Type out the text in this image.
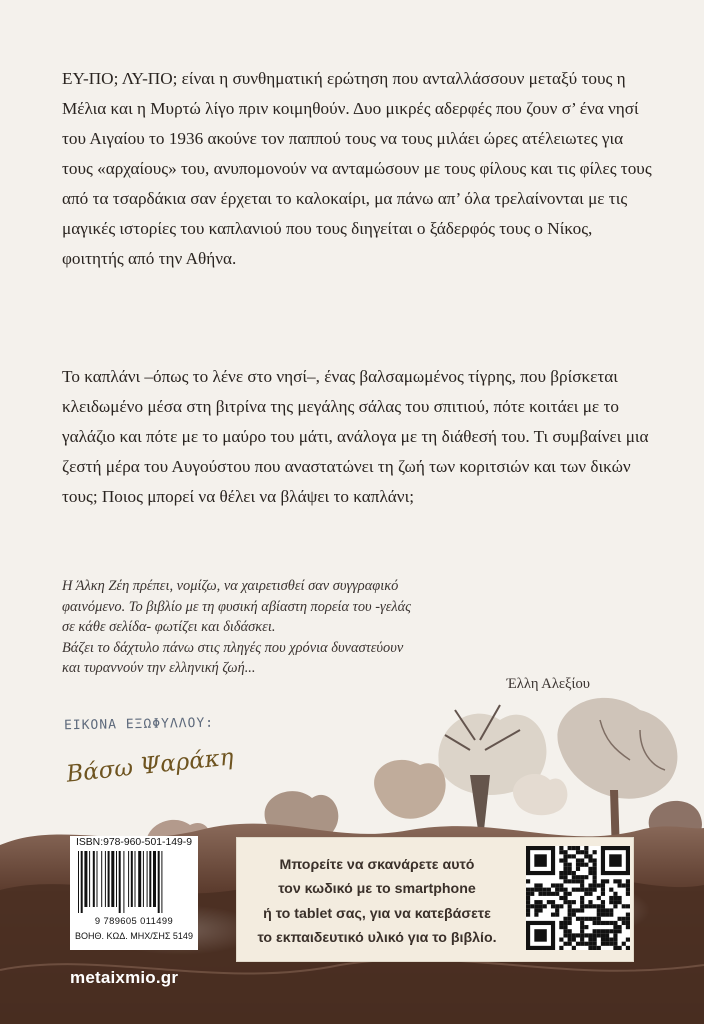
ΕΥ-ΠΟ; ΛΥ-ΠΟ; είναι η συνθηματική ερώτηση που ανταλλάσσουν μεταξύ τους η Μέλια και η Μυρτώ λίγο πριν κοιμηθούν. Δυο μικρές αδερφές που ζουν σ’ ένα νησί του Αιγαίου το 1936 ακούνε τον παππού τους να τους μιλάει ώρες ατέλειωτες για τους «αρχαίους» του, ανυπομονούν να ανταμώσουν με τους φίλους και τις φίλες τους από τα τσαρδάκια σαν έρχεται το καλοκαίρι, μα πάνω απ’ όλα τρελαίνονται με τις μαγικές ιστορίες του καπλανιού που τους διηγείται ο ξάδερφός τους ο Νίκος, φοιτητής από την Αθήνα.

Το καπλάνι –όπως το λένε στο νησί–, ένας βαλσαμωμένος τίγρης, που βρίσκεται κλειδωμένο μέσα στη βιτρίνα της μεγάλης σάλας του σπιτιού, πότε κοιτάει με το γαλάζιο και πότε με το μαύρο του μάτι, ανάλογα με τη διάθεσή του. Τι συμβαίνει μια ζεστή μέρα του Αυγούστου που αναστατώνει τη ζωή των κοριτσιών και των δικών τους; Ποιος μπορεί να θέλει να βλάψει το καπλάνι;

Η Άλκη Ζέη πρέπει, νομίζω, να χαιρετισθεί σαν συγγραφικό
φαινόμενο. Το βιβλίο με τη φυσική αβίαστη πορεία του -γελάς
σε κάθε σελίδα- φωτίζει και διδάσκει.
Βάζει το δάχτυλο πάνω στις πληγές που χρόνια δυναστεύουν
και τυραννούν την ελληνική ζωή...
Έλλη Αλεξίου
ΕΙΚΟΝΑ ΕΞΩΦΥΛΛΟΥ:
Βάσω Ψαράκη
ISBN:978-960-501-149-9
9 789605 011499
ΒΟΗΘ. ΚΩΔ. ΜΗΧ/ΣΗΣ 5149
metaixmio.gr
Μπορείτε να σκανάρετε αυτό
τον κωδικό με το smartphone
ή το tablet σας, για να κατεβάσετε
το εκπαιδευτικό υλικό για το βιβλίο.
